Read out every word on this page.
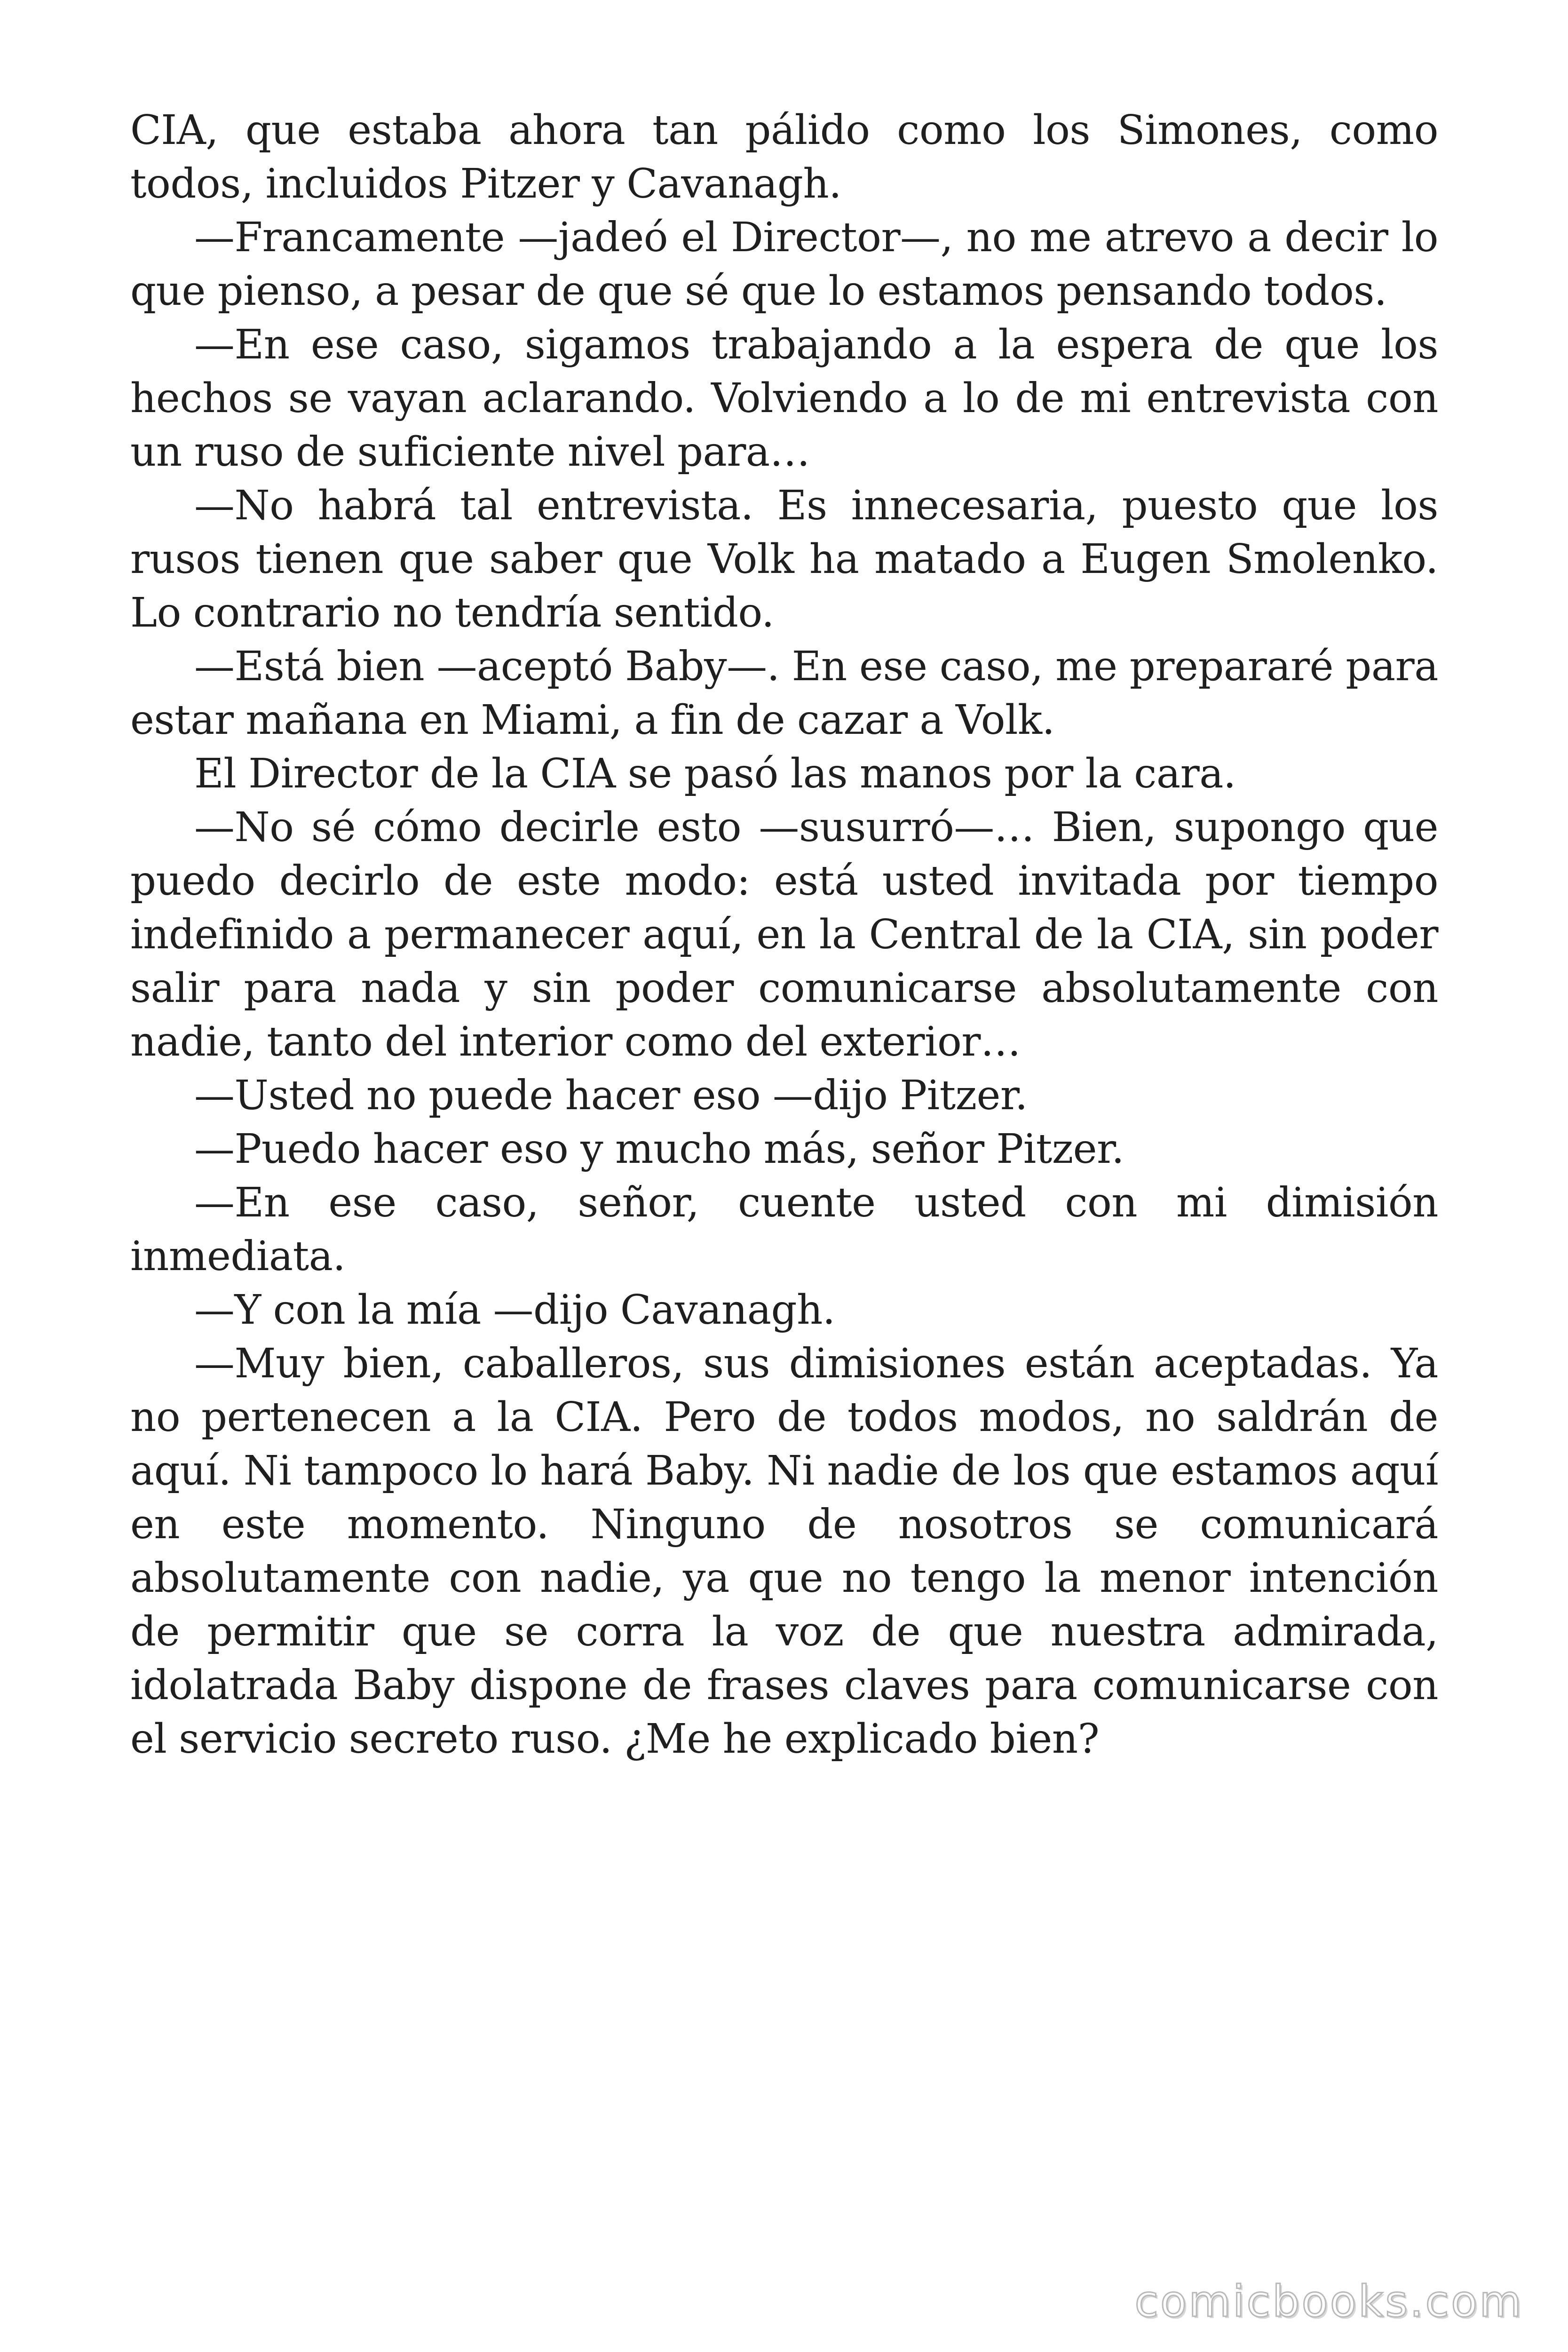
CIA, que estaba ahora tan pálido como los Simones, como todos, incluidos Pitzer y Cavanagh.

—Francamente —jadeó el Director—, no me atrevo a decir lo que pienso, a pesar de que sé que lo estamos pensando todos.

—En ese caso, sigamos trabajando a la espera de que los hechos se vayan aclarando. Volviendo a lo de mi entrevista con un ruso de suficiente nivel para…

—No habrá tal entrevista. Es innecesaria, puesto que los rusos tienen que saber que Volk ha matado a Eugen Smolenko. Lo contrario no tendría sentido.

—Está bien —aceptó Baby—. En ese caso, me prepararé para estar mañana en Miami, a fin de cazar a Volk.

El Director de la CIA se pasó las manos por la cara.

—No sé cómo decirle esto —susurró—… Bien, supongo que puedo decirlo de este modo: está usted invitada por tiempo indefinido a permanecer aquí, en la Central de la CIA, sin poder salir para nada y sin poder comunicarse absolutamente con nadie, tanto del interior como del exterior…

—Usted no puede hacer eso —dijo Pitzer.

—Puedo hacer eso y mucho más, señor Pitzer.

—En ese caso, señor, cuente usted con mi dimisión inmediata.

—Y con la mía —dijo Cavanagh.

—Muy bien, caballeros, sus dimisiones están aceptadas. Ya no pertenecen a la CIA. Pero de todos modos, no saldrán de aquí. Ni tampoco lo hará Baby. Ni nadie de los que estamos aquí en este momento. Ninguno de nosotros se comunicará absolutamente con nadie, ya que no tengo la menor intención de permitir que se corra la voz de que nuestra admirada, idolatrada Baby dispone de frases claves para comunicarse con el servicio secreto ruso. ¿Me he explicado bien?

comicbooks.com
